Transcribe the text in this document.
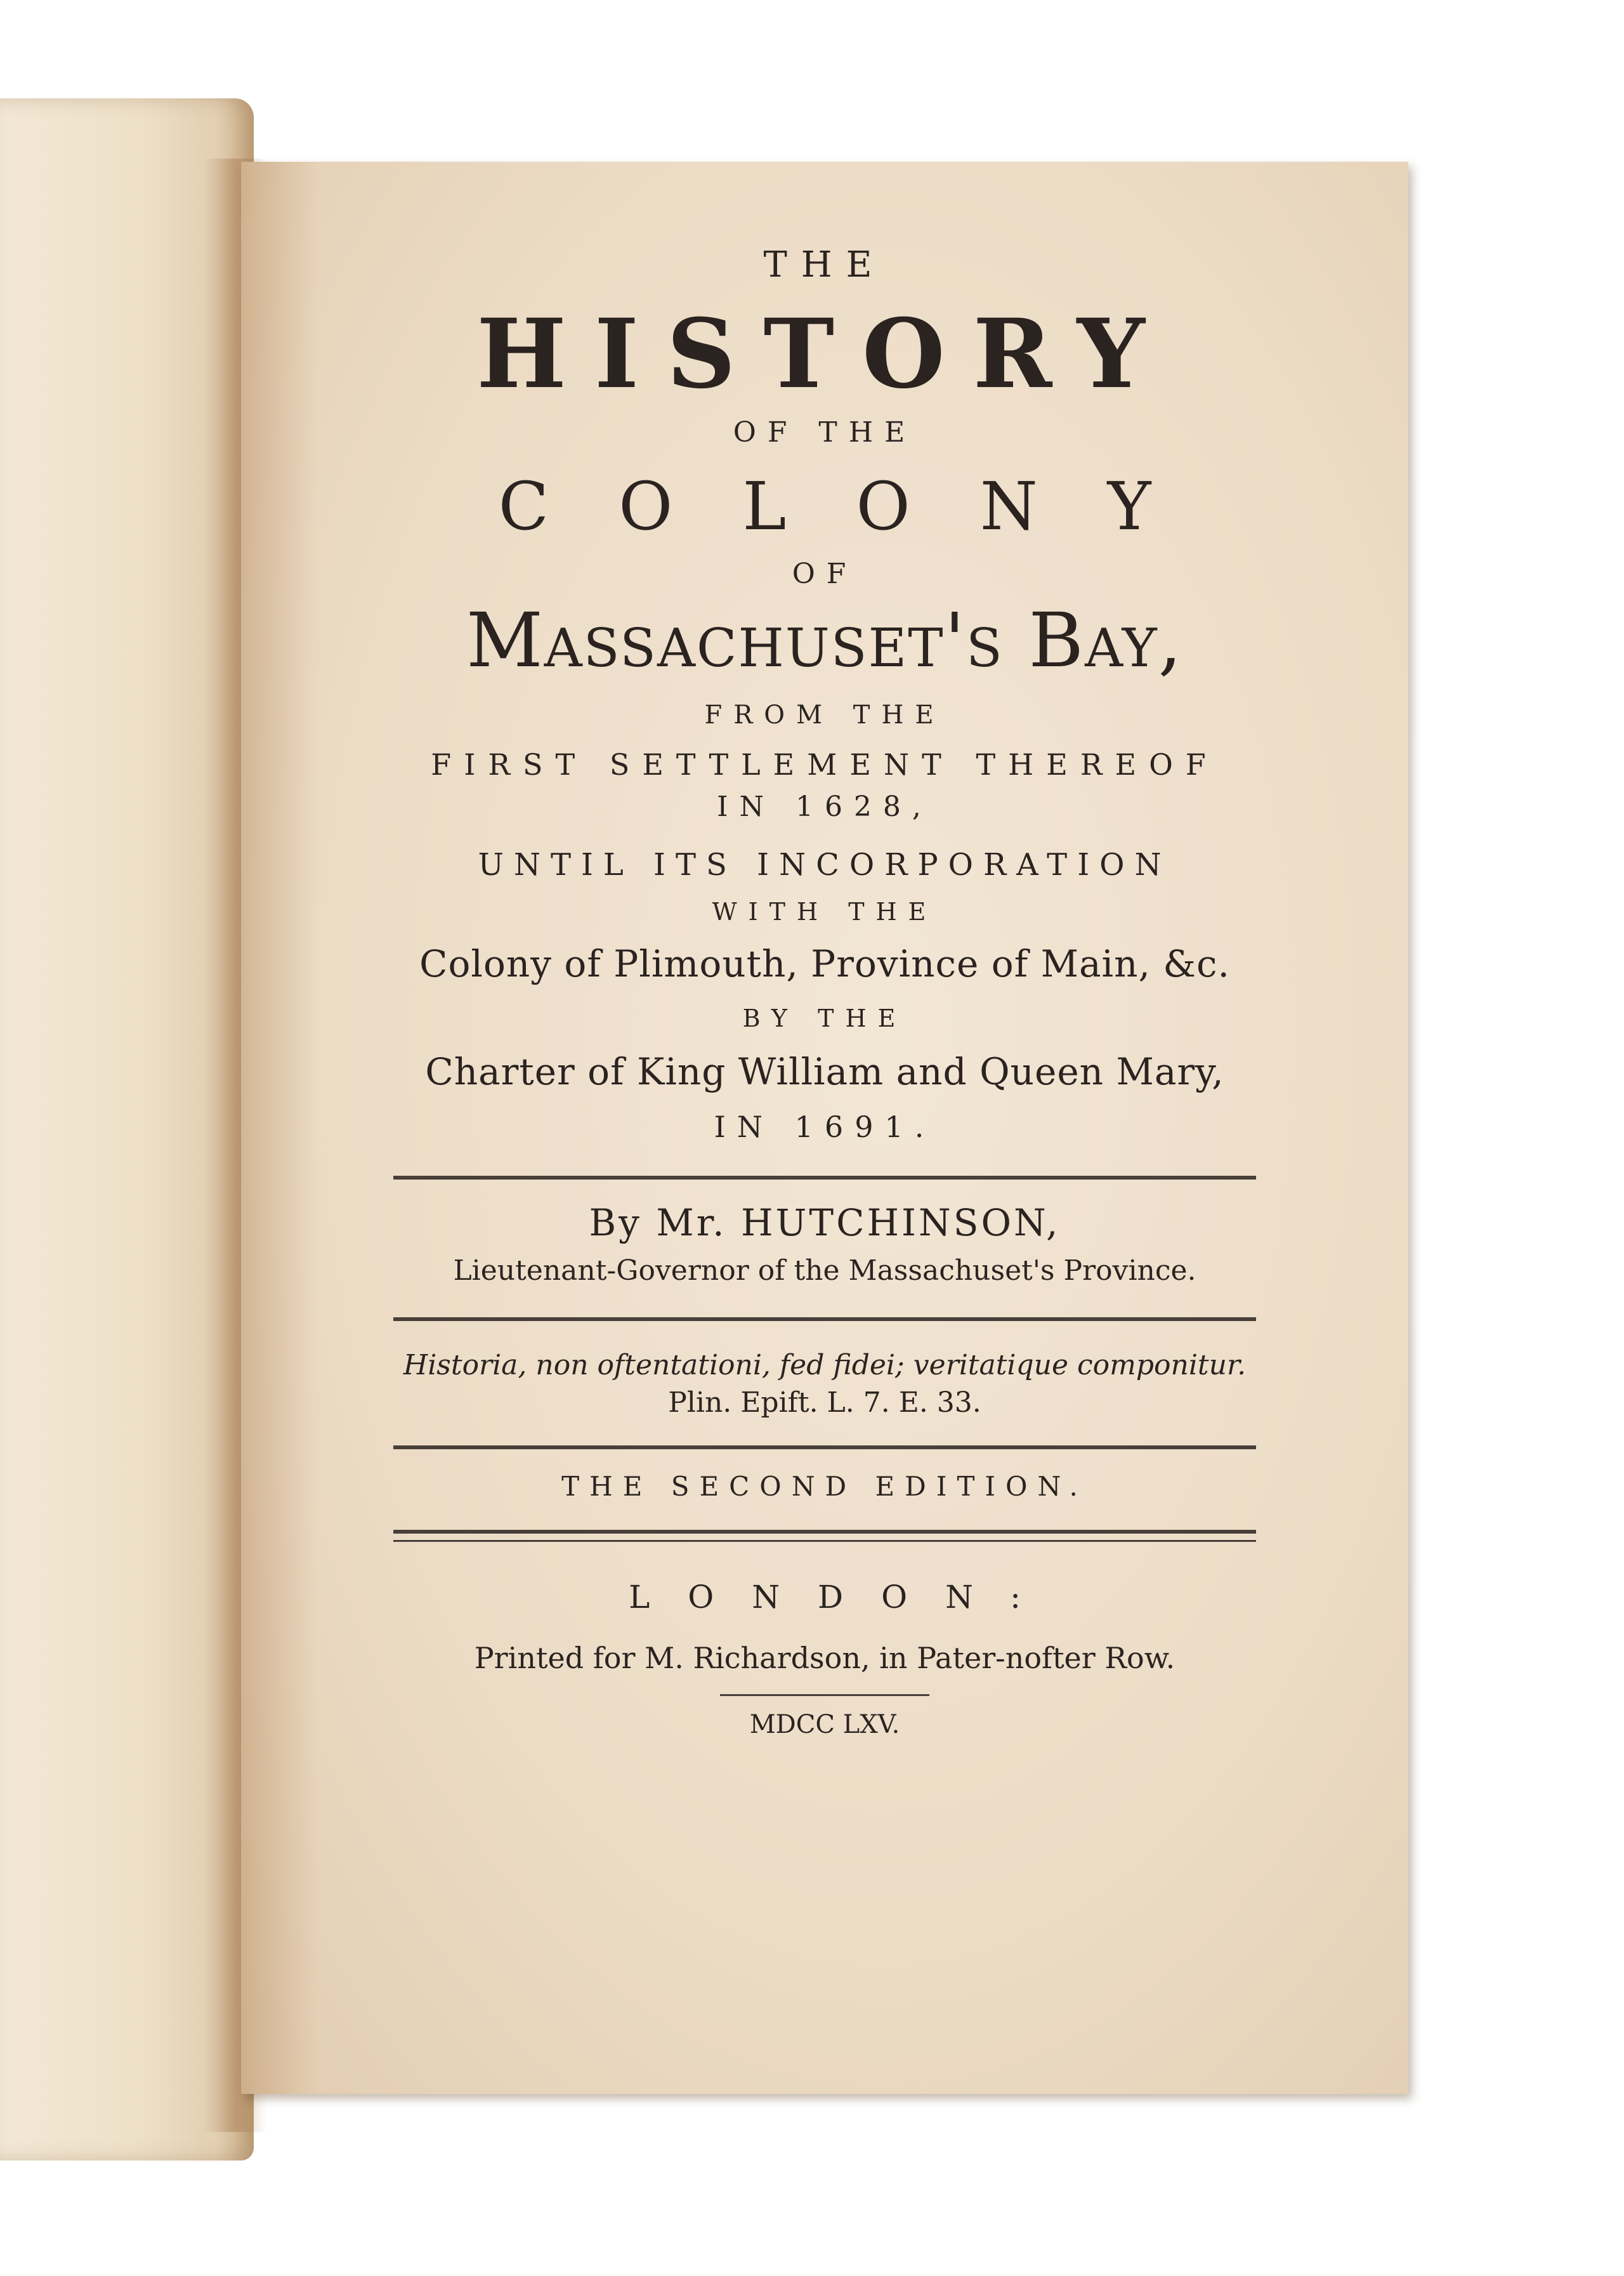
THE
HISTORY
OF THE
COLONY
OF
Massachuset's Bay,
FROM THE
FIRST SETTLEMENT THEREOF
IN 1628,
UNTIL ITS INCORPORATION
WITH THE
Colony of Plimouth, Province of Main, &c.
BY THE
Charter of King William and Queen Mary,
IN 1691.
By Mr. HUTCHINSON,
Lieutenant-Governor of the Massachuset's Province.
Historia, non oftentationi, fed fidei; veritatique componitur.
Plin. Epift. L. 7. E. 33.
THE SECOND EDITION.
LONDON:
Printed for M. Richardson, in Pater-nofter Row.
MDCC LXV.
